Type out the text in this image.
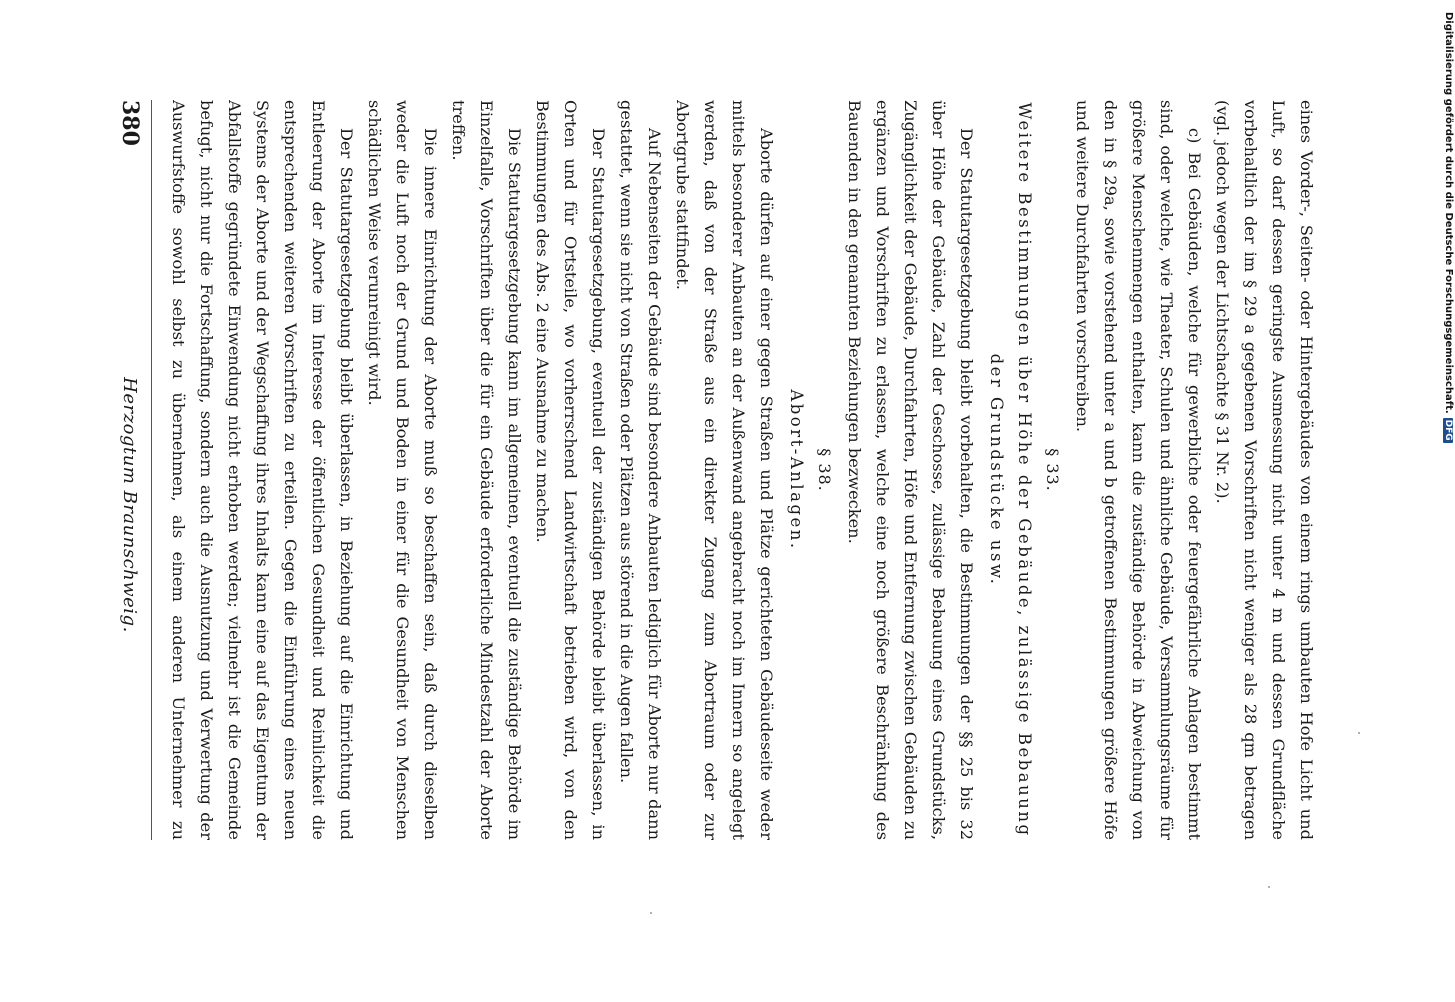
eines Vorder-, Seiten- oder Hintergebäudes von einem rings umbauten Hofe Licht und Luft, so darf dessen geringste Ausmessung nicht unter 4 m und dessen Grundfläche vorbehaltlich der im § 29 a gegebenen Vorschriften nicht weniger als 28 qm betragen (vgl. jedoch wegen der Lichtschachte § 31 Nr. 2).

c) Bei Gebäuden, welche für gewerbliche oder feuergefährliche Anlagen bestimmt sind, oder welche, wie Theater, Schulen und ähnliche Gebäude, Versammlungsräume für größere Menschenmengen enthalten, kann die zuständige Behörde in Abweichung von den in § 29a, sowie vorstehend unter a und b getroffenen Bestimmungen größere Höfe und weitere Durchfahrten vorschreiben.

§ 33.
Weitere Bestimmungen über Höhe der Gebäude, zulässige Bebauung der Grundstücke usw.

Der Statutargesetzgebung bleibt vorbehalten, die Bestimmungen der §§ 25 bis 32 über Höhe der Gebäude, Zahl der Geschosse, zulässige Bebauung eines Grundstücks, Zugänglichkeit der Gebäude, Durchfahrten, Höfe und Entfernung zwischen Gebäuden zu ergänzen und Vorschriften zu erlassen, welche eine noch größere Beschränkung des Bauenden in den genannten Beziehungen bezwecken.

§ 38.
Abort-Anlagen.

Aborte dürfen auf einer gegen Straßen und Plätze gerichteten Gebäudeseite weder mittels besonderer Anbauten an der Außenwand angebracht noch im Innern so angelegt werden, daß von der Straße aus ein direkter Zugang zum Abortraum oder zur Abortgrube stattfindet.

Auf Nebenseiten der Gebäude sind besondere Anbauten lediglich für Aborte nur dann gestattet, wenn sie nicht von Straßen oder Plätzen aus störend in die Augen fallen.

Der Statutargesetzgebung, eventuell der zuständigen Behörde bleibt überlassen, in Orten und für Ortsteile, wo vorherrschend Landwirtschaft betrieben wird, von den Bestimmungen des Abs. 2 eine Ausnahme zu machen.

Die Statutargesetzgebung kann im allgemeinen, eventuell die zuständige Behörde im Einzelfalle, Vorschriften über die für ein Gebäude erforderliche Mindestzahl der Aborte treffen.

Die innere Einrichtung der Aborte muß so beschaffen sein, daß durch dieselben weder die Luft noch der Grund und Boden in einer für die Gesundheit von Menschen schädlichen Weise verunreinigt wird.

Der Statutargesetzgebung bleibt überlassen, in Beziehung auf die Einrichtung und Entleerung der Aborte im Interesse der öffentlichen Gesundheit und Reinlichkeit die entsprechenden weiteren Vorschriften zu erteilen. Gegen die Einführung eines neuen Systems der Aborte und der Wegschaffung ihres Inhalts kann eine auf das Eigentum der Abfallstoffe gegründete Einwendung nicht erhoben werden; vielmehr ist die Gemeinde befugt, nicht nur die Fortschaffung, sondern auch die Ausnutzung und Verwertung der Auswurfstoffe sowohl selbst zu übernehmen, als einem anderen Unternehmer zu

380
Herzogtum Braunschweig.
Digitalisierung gefördert durch die Deutsche Forschungsgemeinschaft.
DFG
